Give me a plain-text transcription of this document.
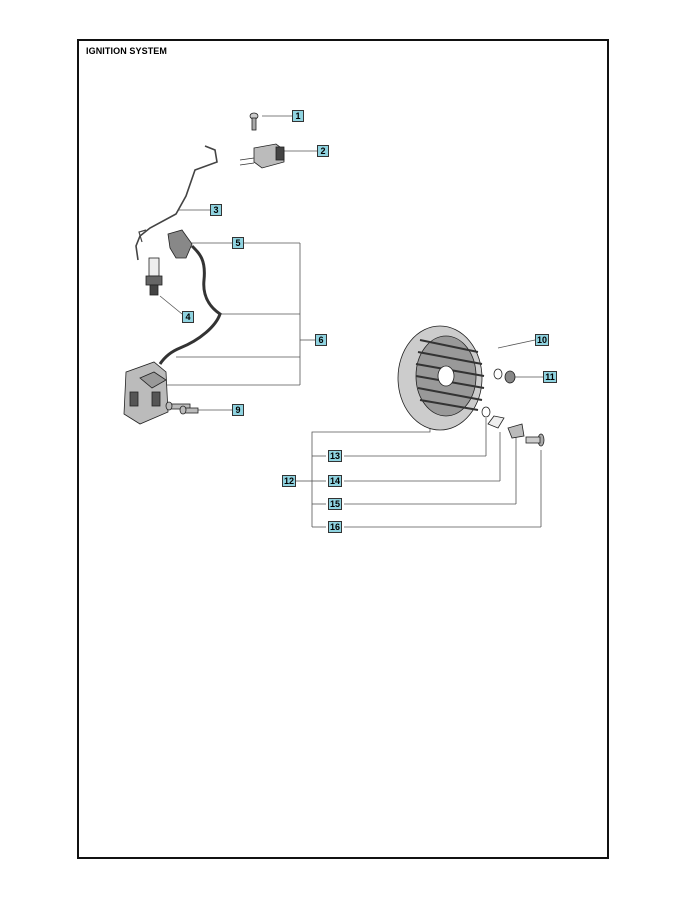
IGNITION SYSTEM
1
2
3
4
5
6
9
10
11
12
13
14
15
16
